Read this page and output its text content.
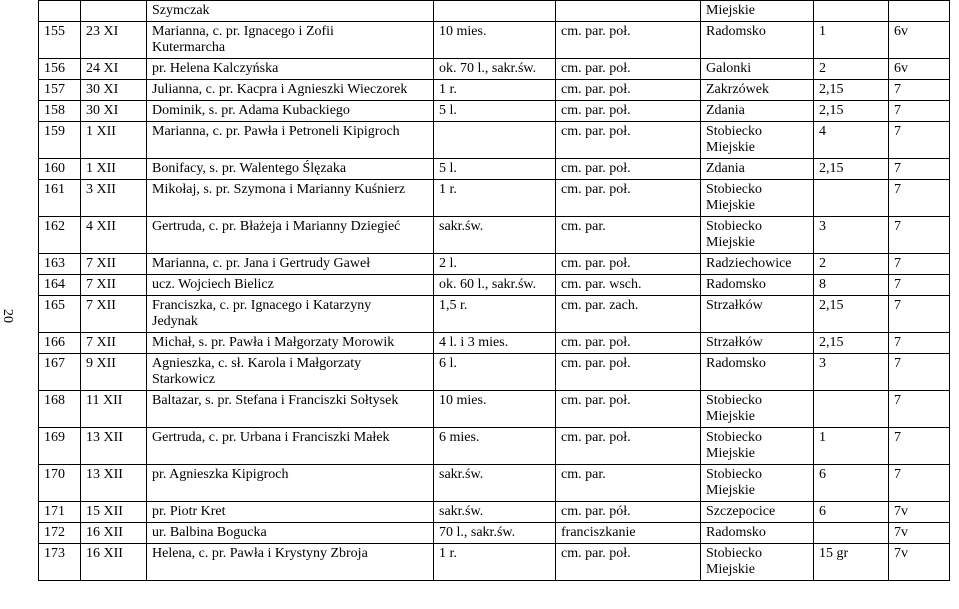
20

		Szymczak			Miejskie		

155	23 XI	Marianna, c. pr. Ignacego i Zofii
Kutermarcha	10 mies.	cm. par. poł.	Radomsko	1	6v
156	24 XI	pr. Helena Kalczyńska	ok. 70 l., sakr.św.	cm. par. poł.	Galonki	2	6v
157	30 XI	Julianna, c. pr. Kacpra i Agnieszki Wieczorek	1 r.	cm. par. poł.	Zakrzówek	2,15	7
158	30 XI	Dominik, s. pr. Adama Kubackiego	5 l.	cm. par. poł.	Zdania	2,15	7
159	1 XII	Marianna, c. pr. Pawła i Petroneli Kipigroch		cm. par. poł.	Stobiecko
Miejskie	4	7
160	1 XII	Bonifacy, s. pr. Walentego Ślęzaka	5 l.	cm. par. poł.	Zdania	2,15	7
161	3 XII	Mikołaj, s. pr. Szymona i Marianny Kuśnierz	1 r.	cm. par. poł.	Stobiecko
Miejskie		7
162	4 XII	Gertruda, c. pr. Błażeja i Marianny Dziegieć	sakr.św.	cm. par.	Stobiecko
Miejskie	3	7
163	7 XII	Marianna, c. pr. Jana i Gertrudy Gaweł	2 l.	cm. par. poł.	Radziechowice	2	7
164	7 XII	ucz. Wojciech Bielicz	ok. 60 l., sakr.św.	cm. par. wsch.	Radomsko	8	7
165	7 XII	Franciszka, c. pr. Ignacego i Katarzyny
Jedynak	1,5 r.	cm. par. zach.	Strzałków	2,15	7
166	7 XII	Michał, s. pr. Pawła i Małgorzaty Morowik	4 l. i 3 mies.	cm. par. poł.	Strzałków	2,15	7
167	9 XII	Agnieszka, c. sł. Karola i Małgorzaty
Starkowicz	6 l.	cm. par. poł.	Radomsko	3	7
168	11 XII	Baltazar, s. pr. Stefana i Franciszki Sołtysek	10 mies.	cm. par. poł.	Stobiecko
Miejskie		7
169	13 XII	Gertruda, c. pr. Urbana i Franciszki Małek	6 mies.	cm. par. poł.	Stobiecko
Miejskie	1	7
170	13 XII	pr. Agnieszka Kipigroch	sakr.św.	cm. par.	Stobiecko
Miejskie	6	7
171	15 XII	pr. Piotr Kret	sakr.św.	cm. par. pół.	Szczepocice	6	7v
172	16 XII	ur. Balbina Bogucka	70 l., sakr.św.	franciszkanie	Radomsko		7v
173	16 XII	Helena, c. pr. Pawła i Krystyny Zbroja	1 r.	cm. par. poł.	Stobiecko
Miejskie	15 gr	7v
